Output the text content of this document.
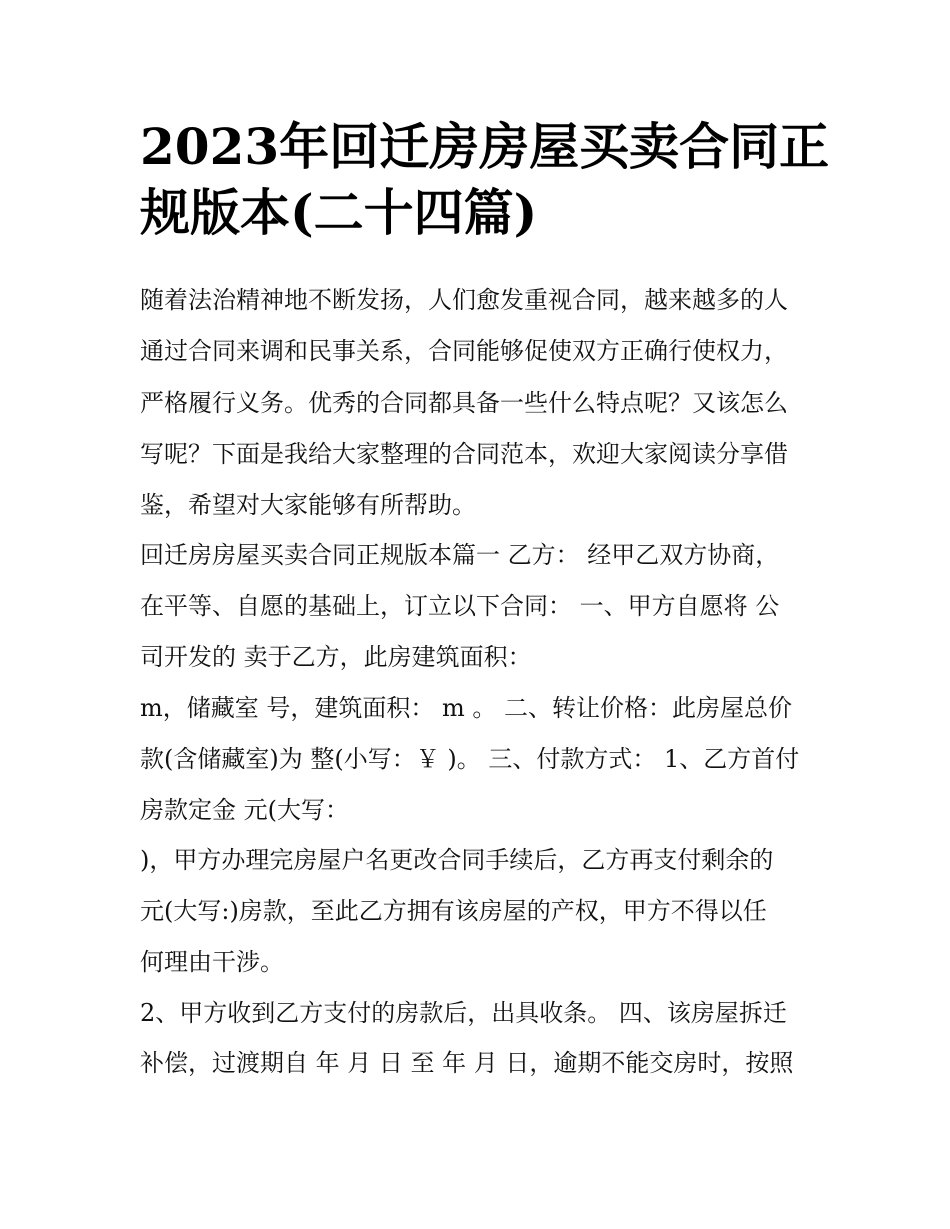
2023年回迁房房屋买卖合同正
规版本(二十四篇)

随着法治精神地不断发扬，人们愈发重视合同，越来越多的人

通过合同来调和民事关系，合同能够促使双方正确行使权力，

严格履行义务。优秀的合同都具备一些什么特点呢？又该怎么

写呢？下面是我给大家整理的合同范本，欢迎大家阅读分享借

鉴，希望对大家能够有所帮助。

回迁房房屋买卖合同正规版本篇一 乙方： 经甲乙双方协商，

在平等、自愿的基础上，订立以下合同： 一、甲方自愿将 公

司开发的 卖于乙方，此房建筑面积：

m，储藏室 号，建筑面积： m 。 二、转让价格：此房屋总价

款(含储藏室)为 整(小写：￥ )。 三、付款方式： 1、乙方首付

房款定金 元(大写：

)，甲方办理完房屋户名更改合同手续后，乙方再支付剩余的

元(大写:)房款，至此乙方拥有该房屋的产权，甲方不得以任

何理由干涉。

2、甲方收到乙方支付的房款后，出具收条。 四、该房屋拆迁

补偿，过渡期自 年 月 日 至 年 月 日，逾期不能交房时，按照
